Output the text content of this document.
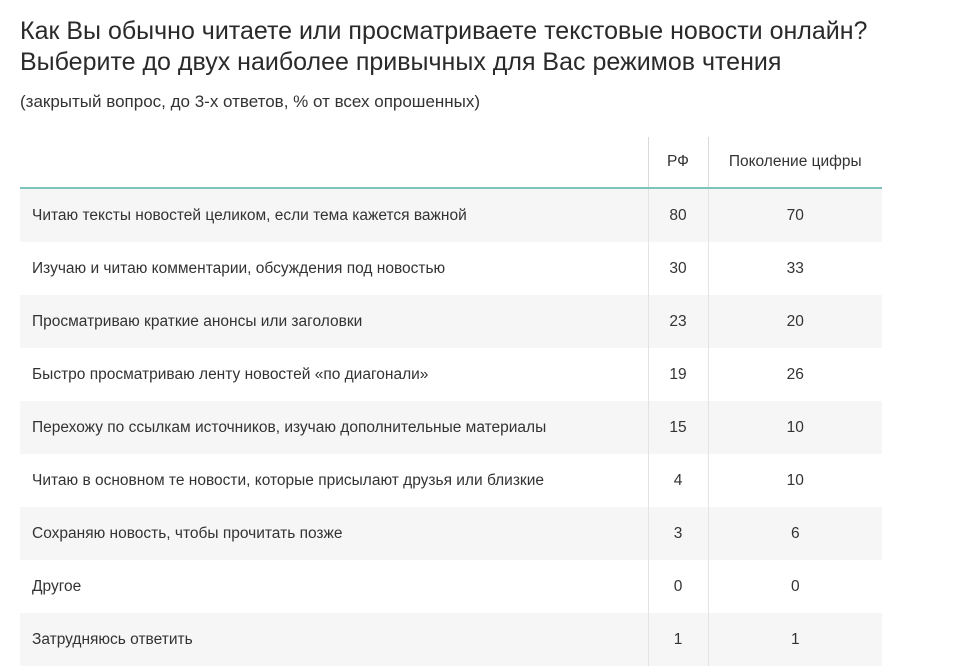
Как Вы обычно читаете или просматриваете текстовые новости онлайн? Выберите до двух наиболее привычных для Вас режимов чтения
(закрытый вопрос, до 3-х ответов, % от всех опрошенных)
	РФ	Поколение цифры
Читаю тексты новостей целиком, если тема кажется важной	80	70
Изучаю и читаю комментарии, обсуждения под новостью	30	33
Просматриваю краткие анонсы или заголовки	23	20
Быстро просматриваю ленту новостей «по диагонали»	19	26
Перехожу по ссылкам источников, изучаю дополнительные материалы	15	10
Читаю в основном те новости, которые присылают друзья или близкие	4	10
Сохраняю новость, чтобы прочитать позже	3	6
Другое	0	0
Затрудняюсь ответить	1	1
